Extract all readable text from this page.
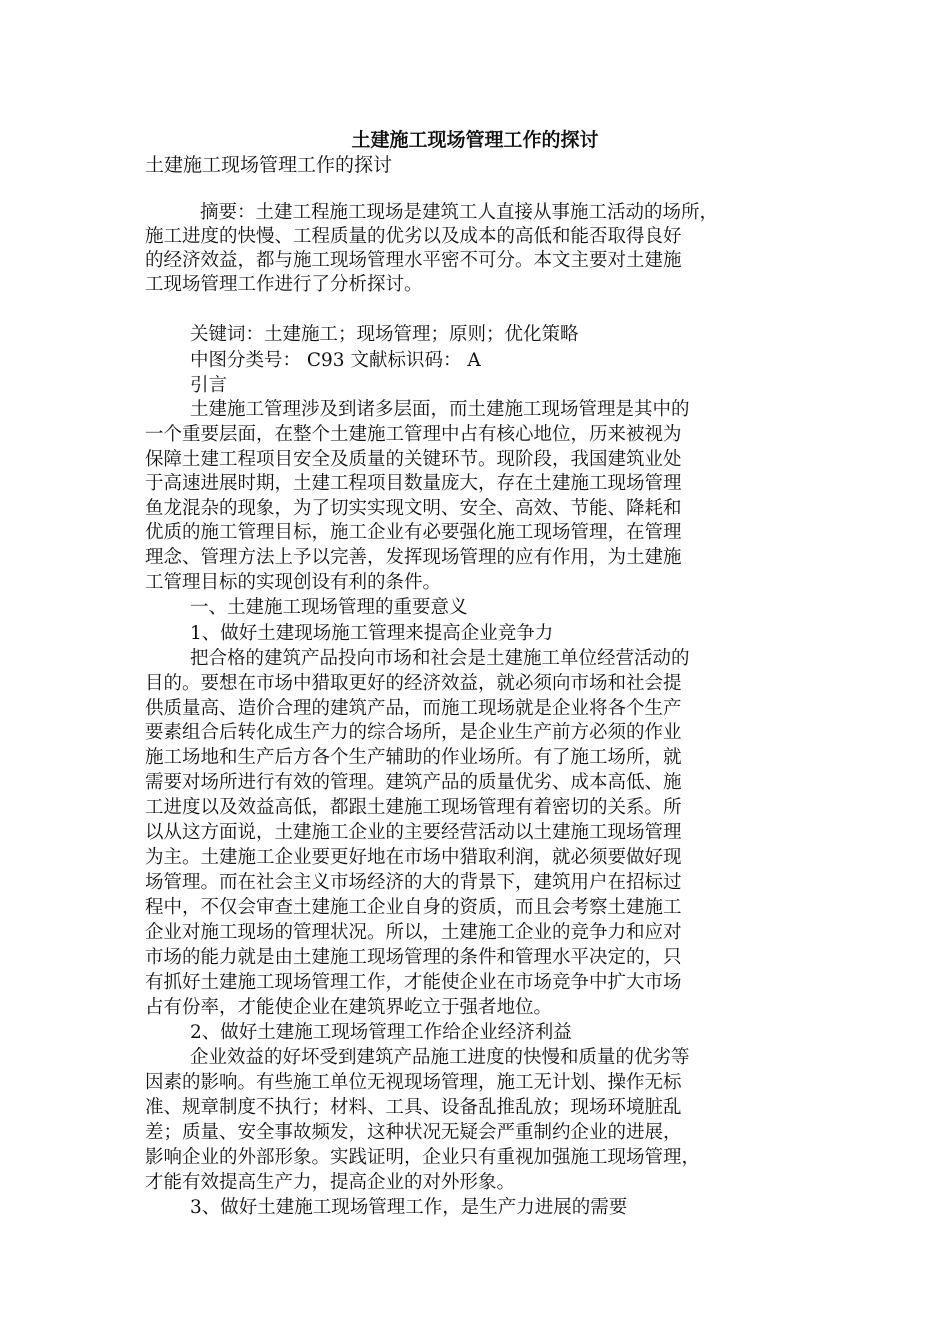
土建施工现场管理工作的探讨
土建施工现场管理工作的探讨
摘要：土建工程施工现场是建筑工人直接从事施工活动的场所，
施工进度的快慢、工程质量的优劣以及成本的高低和能否取得良好
的经济效益，都与施工现场管理水平密不可分。本文主要对土建施
工现场管理工作进行了分析探讨。
关键词：土建施工；现场管理；原则；优化策略
中图分类号： C93 文献标识码： A
引言
土建施工管理涉及到诸多层面，而土建施工现场管理是其中的
一个重要层面，在整个土建施工管理中占有核心地位，历来被视为
保障土建工程项目安全及质量的关键环节。现阶段，我国建筑业处
于高速进展时期，土建工程项目数量庞大，存在土建施工现场管理
鱼龙混杂的现象，为了切实实现文明、安全、高效、节能、降耗和
优质的施工管理目标，施工企业有必要强化施工现场管理，在管理
理念、管理方法上予以完善，发挥现场管理的应有作用，为土建施
工管理目标的实现创设有利的条件。
一、土建施工现场管理的重要意义
1、做好土建现场施工管理来提高企业竞争力
把合格的建筑产品投向市场和社会是土建施工单位经营活动的
目的。要想在市场中猎取更好的经济效益，就必须向市场和社会提
供质量高、造价合理的建筑产品，而施工现场就是企业将各个生产
要素组合后转化成生产力的综合场所，是企业生产前方必须的作业
施工场地和生产后方各个生产辅助的作业场所。有了施工场所，就
需要对场所进行有效的管理。建筑产品的质量优劣、成本高低、施
工进度以及效益高低，都跟土建施工现场管理有着密切的关系。所
以从这方面说，土建施工企业的主要经营活动以土建施工现场管理
为主。土建施工企业要更好地在市场中猎取利润，就必须要做好现
场管理。而在社会主义市场经济的大的背景下，建筑用户在招标过
程中，不仅会审查土建施工企业自身的资质，而且会考察土建施工
企业对施工现场的管理状况。所以，土建施工企业的竞争力和应对
市场的能力就是由土建施工现场管理的条件和管理水平决定的，只
有抓好土建施工现场管理工作，才能使企业在市场竞争中扩大市场
占有份率，才能使企业在建筑界屹立于强者地位。
2、做好土建施工现场管理工作给企业经济利益
企业效益的好坏受到建筑产品施工进度的快慢和质量的优劣等
因素的影响。有些施工单位无视现场管理，施工无计划、操作无标
准、规章制度不执行；材料、工具、设备乱推乱放；现场环境脏乱
差；质量、安全事故频发，这种状况无疑会严重制约企业的进展，
影响企业的外部形象。实践证明，企业只有重视加强施工现场管理，
才能有效提高生产力，提高企业的对外形象。
3、做好土建施工现场管理工作，是生产力进展的需要
